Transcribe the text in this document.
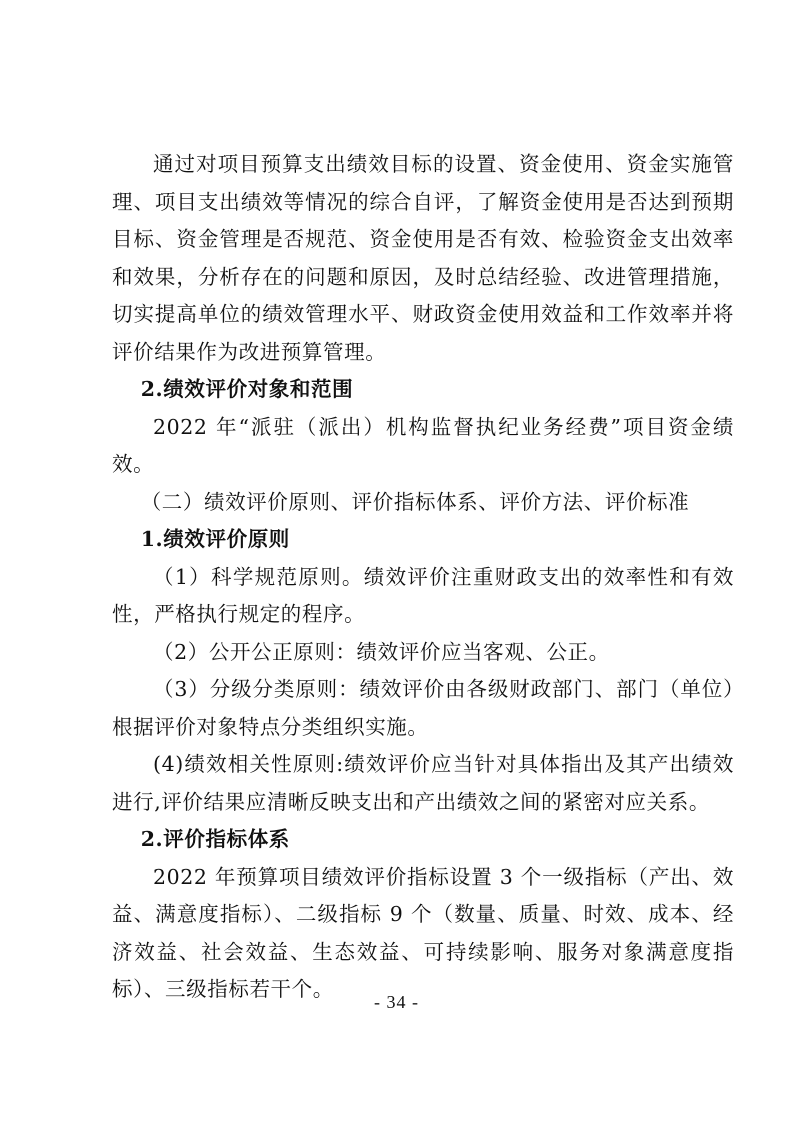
通过对项目预算支出绩效目标的设置、资金使用、资金实施管理、项目支出绩效等情况的综合自评，了解资金使用是否达到预期目标、资金管理是否规范、资金使用是否有效、检验资金支出效率和效果，分析存在的问题和原因，及时总结经验、改进管理措施，切实提高单位的绩效管理水平、财政资金使用效益和工作效率并将评价结果作为改进预算管理。

2.绩效评价对象和范围

2022 年“派驻（派出）机构监督执纪业务经费”项目资金绩效。

（二）绩效评价原则、评价指标体系、评价方法、评价标准

1.绩效评价原则

（1）科学规范原则。绩效评价注重财政支出的效率性和有效性，严格执行规定的程序。

（2）公开公正原则：绩效评价应当客观、公正。

（3）分级分类原则：绩效评价由各级财政部门、部门（单位）根据评价对象特点分类组织实施。

(4)绩效相关性原则:绩效评价应当针对具体指出及其产出绩效进行,评价结果应清晰反映支出和产出绩效之间的紧密对应关系。

2.评价指标体系

2022 年预算项目绩效评价指标设置 3 个一级指标（产出、效益、满意度指标）、二级指标 9 个（数量、质量、时效、成本、经济效益、社会效益、生态效益、可持续影响、服务对象满意度指标）、三级指标若干个。

- 34 -
